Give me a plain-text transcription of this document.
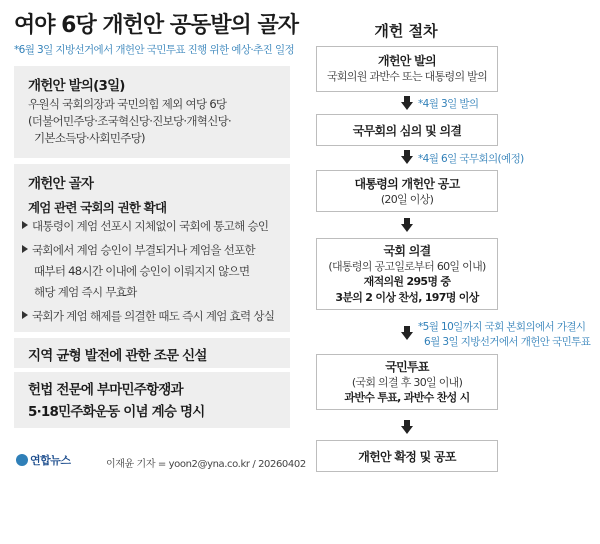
여야 6당 개헌안 공동발의 골자
*6월 3일 지방선거에서 개헌안 국민투표 진행 위한 예상·추진 일정
개헌안 발의(3일)
우원식 국회의장과 국민의힘 제외 여당 6당
(더불어민주당·조국혁신당·진보당·개혁신당·
기본소득당·사회민주당)
개헌안 골자
계엄 관련 국회의 권한 확대
대통령이 계엄 선포시 지체없이 국회에 통고해 승인
국회에서 계엄 승인이 부결되거나 계엄을 선포한
때부터 48시간 이내에 승인이 이뤄지지 않으면
해당 계엄 즉시 무효화
국회가 계엄 해제를 의결한 때도 즉시 계엄 효력 상실
지역 균형 발전에 관한 조문 신설
헌법 전문에 부마민주항쟁과
5·18민주화운동 이념 계승 명시
개헌 절차
개헌안 발의
국회의원 과반수 또는 대통령의 발의
*4월 3일 발의
국무회의 심의 및 의결
*4월 6일 국무회의(예정)
대통령의 개헌안 공고
(20일 이상)
국회 의결
(대통령의 공고일로부터 60일 이내)
재적의원 295명 중
3분의 2 이상 찬성, 197명 이상
*5월 10일까지 국회 본회의에서 가결시
6월 3일 지방선거에서 개헌안 국민투표
국민투표
(국회 의결 후 30일 이내)
과반수 투표, 과반수 찬성 시
개헌안 확정 및 공포
연합뉴스	이재윤 기자 = yoon2@yna.co.kr / 20260402
